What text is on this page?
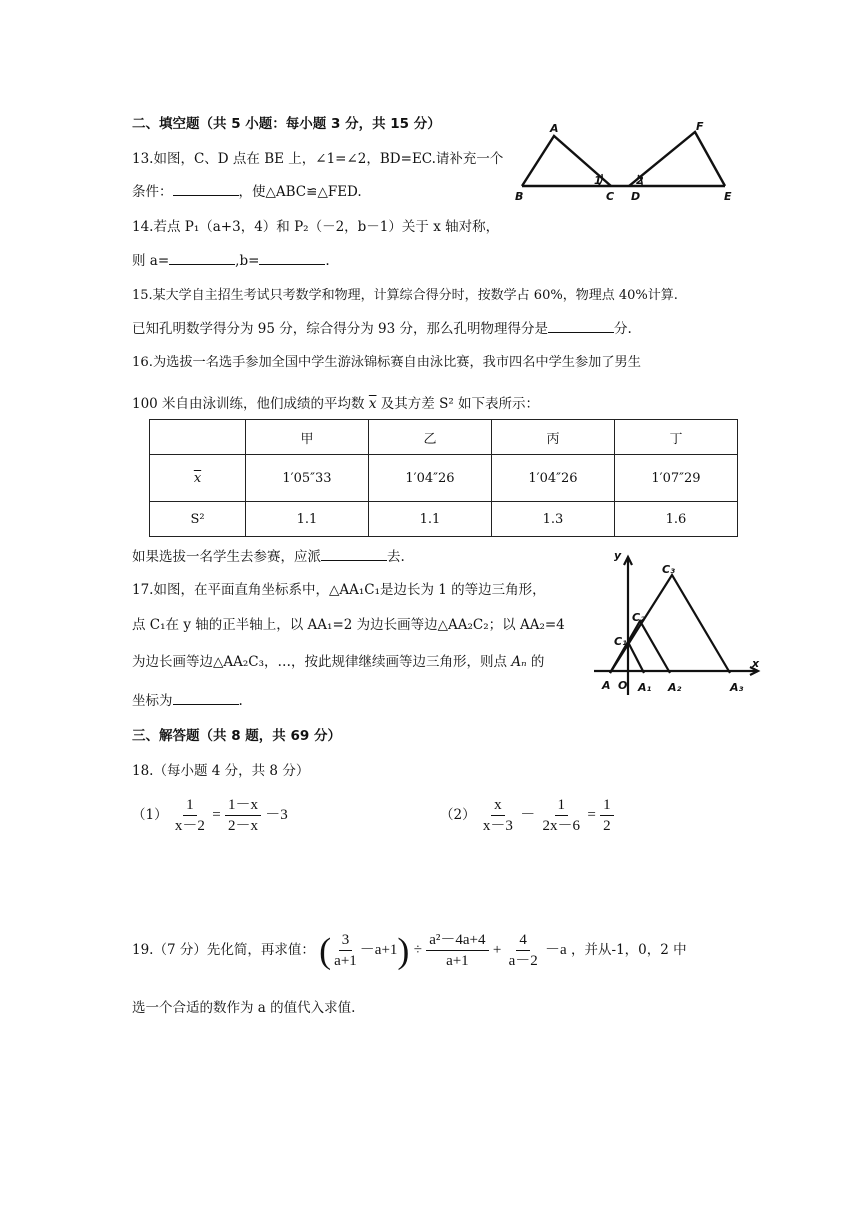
二、填空题（共 5 小题：每小题 3 分，共 15 分）
13.如图，C、D 点在 BE 上，∠1=∠2，BD=EC.请补充一个
条件：	，使△ABC≌△FED.
A
B	C D	E
F
1	2
14.若点 P₁（a+3，4）和 P₂（－2，b－1）关于 x 轴对称，
则 a=	,b=	.
15.某大学自主招生考试只考数学和物理，计算综合得分时，按数学占 60%，物理点 40%计算.
已知孔明数学得分为 95 分，综合得分为 93 分，那么孔明物理得分是	分.
16.为选拔一名选手参加全国中学生游泳锦标赛自由泳比赛，我市四名中学生参加了男生
100 米自由泳训练，他们成绩的平均数 $\overline{x}$ 及其方差 S² 如下表所示：
	甲	乙	丙	丁
$\overline{x}$	1′05″33	1′04″26	1′04″26	1′07″29
S²	1.1	1.1	1.3	1.6
如果选拔一名学生去参赛，应派	去.
17.如图，在平面直角坐标系中，△AA₁C₁是边长为 1 的等边三角形，
点 C₁在 y 轴的正半轴上，以 AA₁=2 为边长画等边△AA₂C₂；以 AA₂=4
为边长画等边△AA₂C₃，…，按此规律继续画等边三角形，则点 Aₙ 的
坐标为	.
y
x
C₃
C₂
C₁
A O A₁ A₂	A₃
三、解答题（共 8 题，共 69 分）
18.（每小题 4 分，共 8 分）
$(1) \frac{1}{x-2} = \frac{1-x}{2-x} -3$	$(2) \frac{x}{x-3} - \frac{1}{2x-6} = \frac{1}{2}$
19.（7 分）先化简，再求值： ( $\frac{3}{a+1} -a+1) \div \frac{\text{a²－4a+4}}{a+1} + \frac{4}{a-2} -a$ ，并从-1，0，2 中
选一个合适的数作为 a 的值代入求值.
